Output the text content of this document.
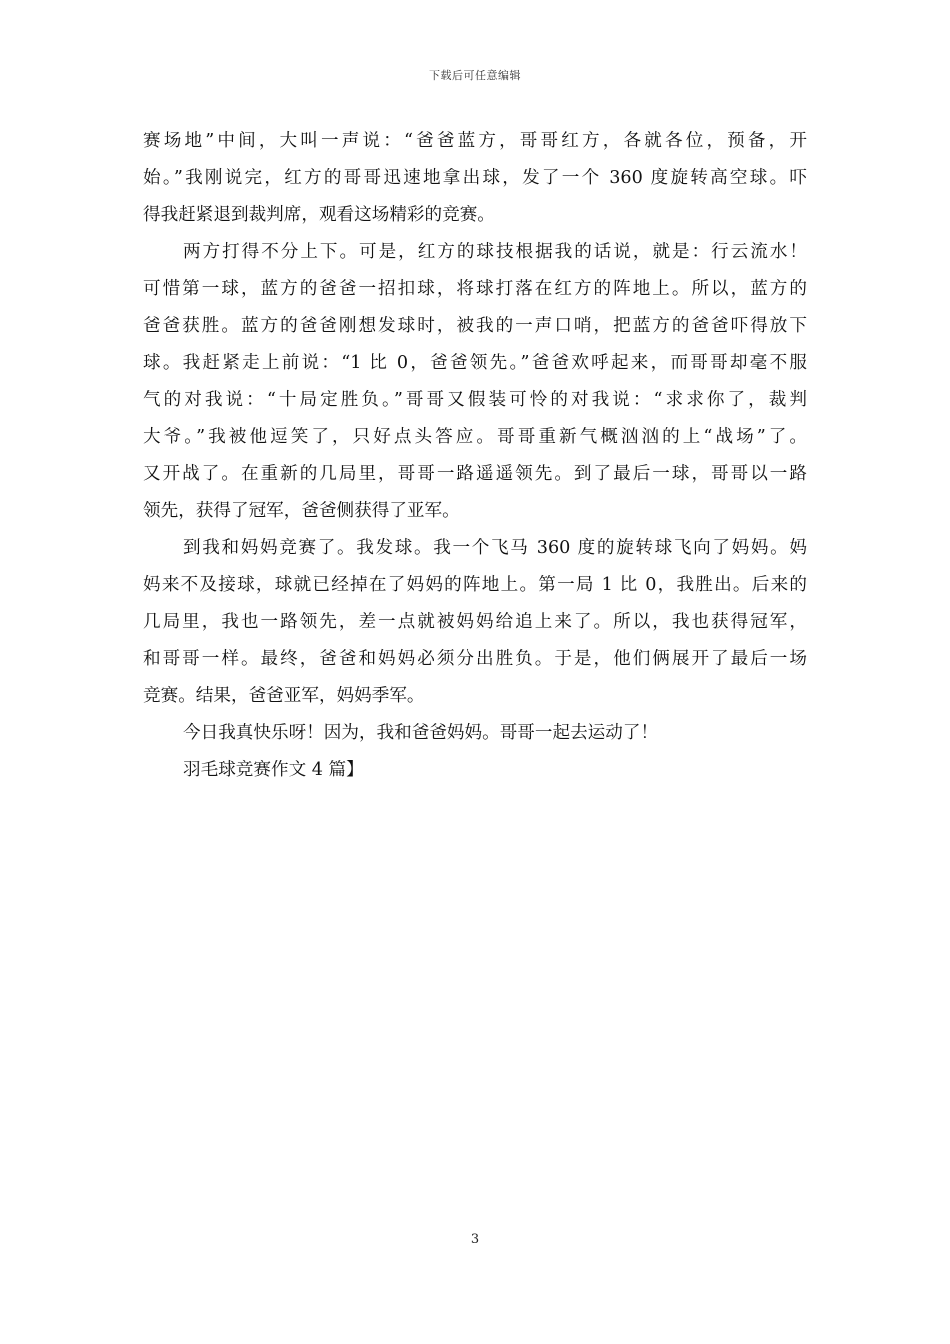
下载后可任意编辑

赛场地”中间，大叫一声说：“爸爸蓝方，哥哥红方，各就各位，预备，开
始。”我刚说完，红方的哥哥迅速地拿出球，发了一个 360 度旋转高空球。吓
得我赶紧退到裁判席，观看这场精彩的竞赛。

两方打得不分上下。可是，红方的球技根据我的话说，就是：行云流水！
可惜第一球，蓝方的爸爸一招扣球，将球打落在红方的阵地上。所以，蓝方的
爸爸获胜。蓝方的爸爸刚想发球时，被我的一声口哨，把蓝方的爸爸吓得放下
球。我赶紧走上前说：“1 比 0，爸爸领先。”爸爸欢呼起来，而哥哥却毫不服
气的对我说：“十局定胜负。”哥哥又假装可怜的对我说：“求求你了，裁判
大爷。”我被他逗笑了，只好点头答应。哥哥重新气概汹汹的上“战场”了。
又开战了。在重新的几局里，哥哥一路遥遥领先。到了最后一球，哥哥以一路
领先，获得了冠军，爸爸侧获得了亚军。

到我和妈妈竞赛了。我发球。我一个飞马 360 度的旋转球飞向了妈妈。妈
妈来不及接球，球就已经掉在了妈妈的阵地上。第一局 1 比 0，我胜出。后来的
几局里，我也一路领先，差一点就被妈妈给追上来了。所以，我也获得冠军，
和哥哥一样。最终，爸爸和妈妈必须分出胜负。于是，他们俩展开了最后一场
竞赛。结果，爸爸亚军，妈妈季军。

今日我真快乐呀！因为，我和爸爸妈妈。哥哥一起去运动了！

羽毛球竞赛作文 4 篇】

3
